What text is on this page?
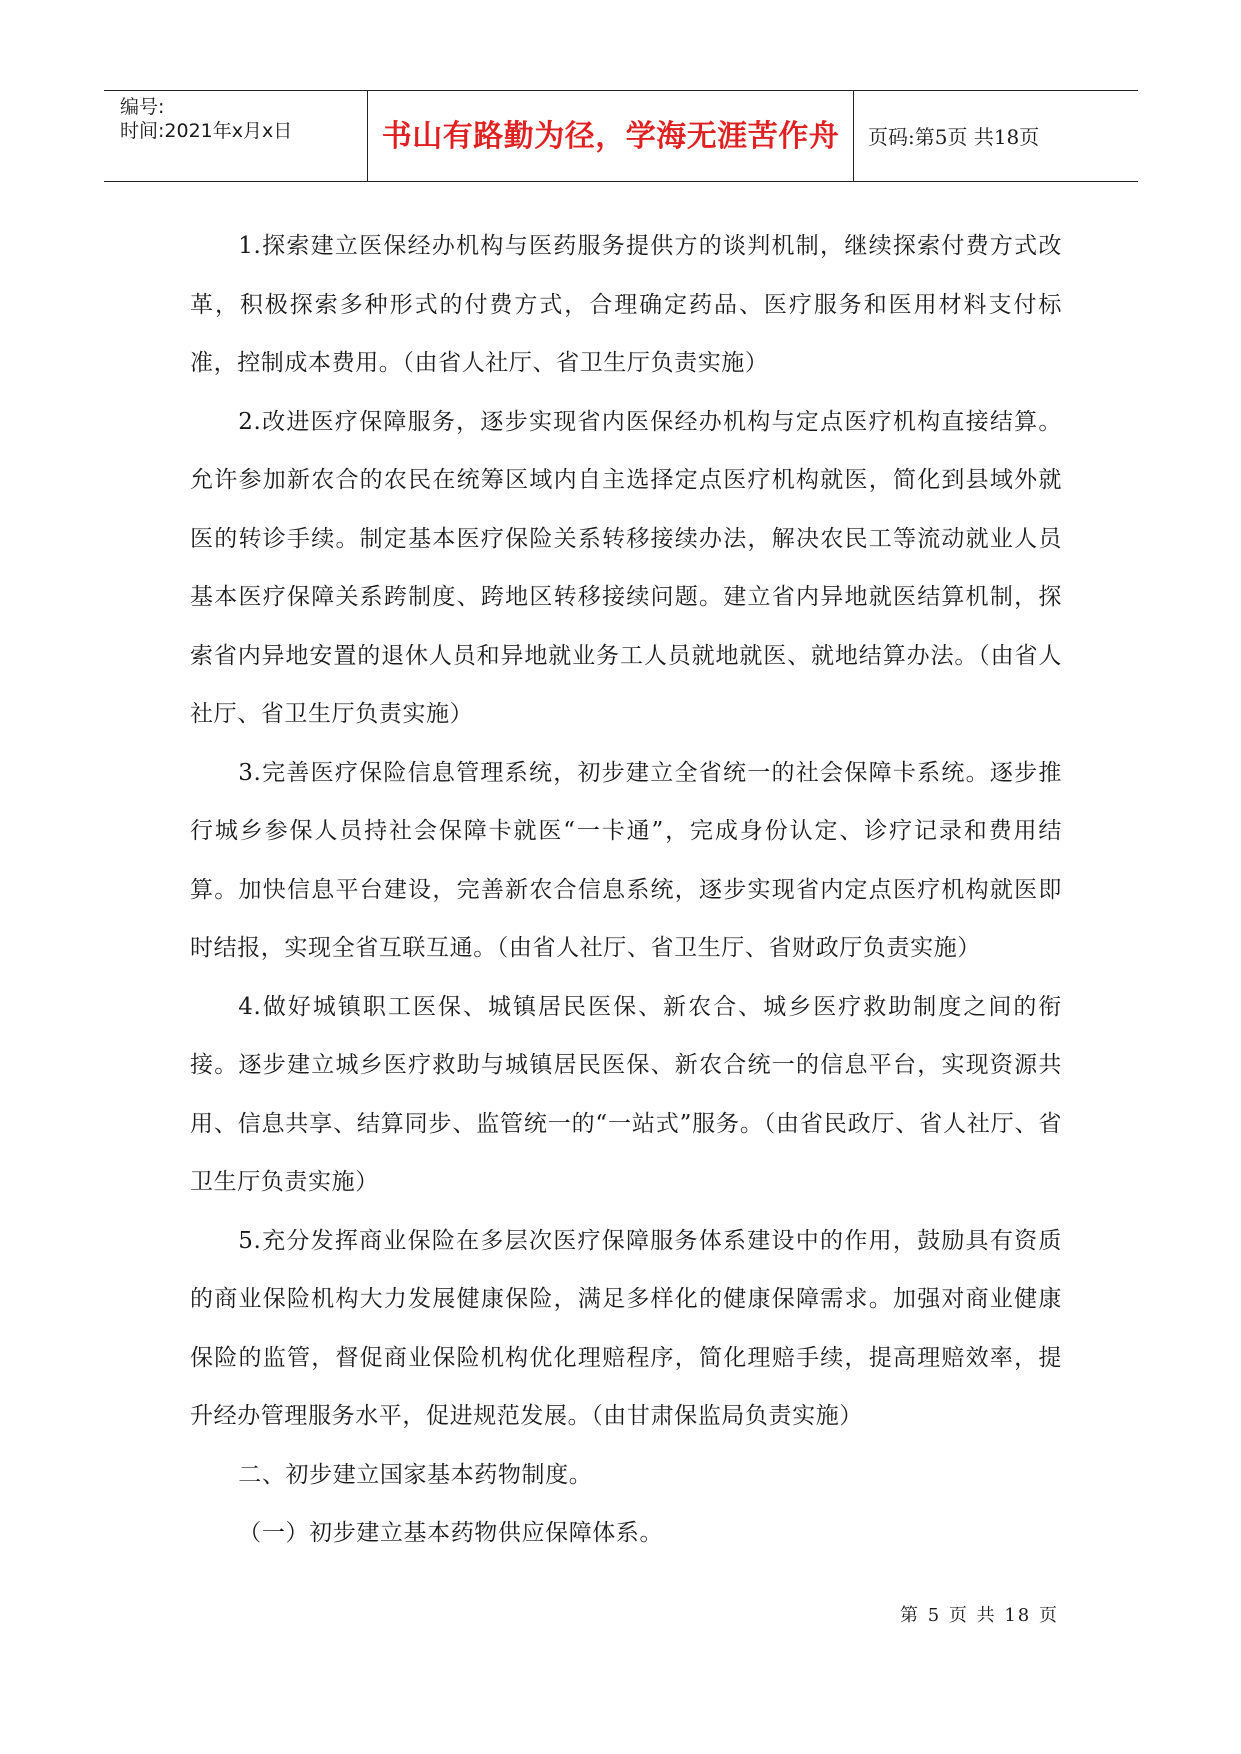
编号:
时间:2021年x月x日	书山有路勤为径，学海无涯苦作舟	页码:第5页 共18页

1.探索建立医保经办机构与医药服务提供方的谈判机制，继续探索付费方式改革，积极探索多种形式的付费方式，合理确定药品、医疗服务和医用材料支付标准，控制成本费用。（由省人社厅、省卫生厅负责实施）

2.改进医疗保障服务，逐步实现省内医保经办机构与定点医疗机构直接结算。允许参加新农合的农民在统筹区域内自主选择定点医疗机构就医，简化到县域外就医的转诊手续。制定基本医疗保险关系转移接续办法，解决农民工等流动就业人员基本医疗保障关系跨制度、跨地区转移接续问题。建立省内异地就医结算机制，探索省内异地安置的退休人员和异地就业务工人员就地就医、就地结算办法。（由省人社厅、省卫生厅负责实施）

3.完善医疗保险信息管理系统，初步建立全省统一的社会保障卡系统。逐步推行城乡参保人员持社会保障卡就医“一卡通”，完成身份认定、诊疗记录和费用结算。加快信息平台建设，完善新农合信息系统，逐步实现省内定点医疗机构就医即时结报，实现全省互联互通。（由省人社厅、省卫生厅、省财政厅负责实施）

4.做好城镇职工医保、城镇居民医保、新农合、城乡医疗救助制度之间的衔接。逐步建立城乡医疗救助与城镇居民医保、新农合统一的信息平台，实现资源共用、信息共享、结算同步、监管统一的“一站式”服务。（由省民政厅、省人社厅、省卫生厅负责实施）

5.充分发挥商业保险在多层次医疗保障服务体系建设中的作用，鼓励具有资质的商业保险机构大力发展健康保险，满足多样化的健康保障需求。加强对商业健康保险的监管，督促商业保险机构优化理赔程序，简化理赔手续，提高理赔效率，提升经办管理服务水平，促进规范发展。（由甘肃保监局负责实施）

二、初步建立国家基本药物制度。

（一）初步建立基本药物供应保障体系。

第 5 页 共 18 页
